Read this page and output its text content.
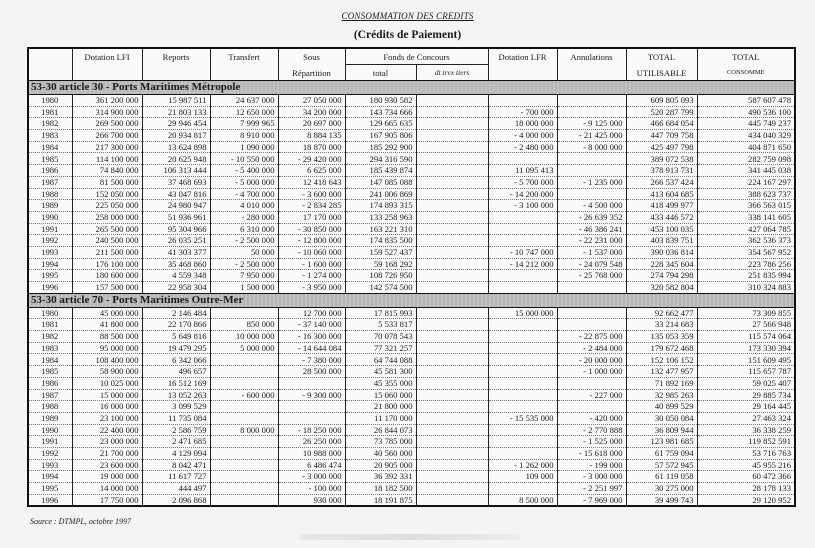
CONSOMMATION DES CREDITS
(Crédits de Paiement)
	Dotation LFI	Reports	Transfert	Sous	Fonds de Concours		Dotation LFR	Annulations	TOTAL	TOTAL
				Répartition	total	dt trvx tiers			UTILISABLE	CONSOMME
53-30 article 30 - Ports Maritimes Métropole										
1980	361 200 000	15 987 511	24 637 000	27 050 000	180 930 582				609 805 093	587 607 478
1981	314 900 000	21 803 133	12 650 000	34 200 000	143 734 666		- 700 000		520 287 799	490 536 100
1982	269 500 000	29 946 454	7 999 965	20 697 000	129 665 635		18 000 000	- 9 125 000	466 684 054	445 749 237
1983	266 700 000	20 934 817	8 910 000	8 884 135	167 905 806		- 4 000 000	- 21 425 000	447 709 758	434 040 329
1984	217 300 000	13 624 898	1 090 000	18 870 000	185 292 900		- 2 480 000	- 8 000 000	425 497 798	404 871 650
1985	114 100 000	20 625 948	- 10 550 000	- 29 420 000	294 316 590				389 072 538	282 759 098
1986	74 840 000	106 313 444	- 5 400 000	6 625 000	185 439 874		11 095 413		378 913 731	341 445 038
1987	81 500 000	37 468 693	- 5 000 000	12 418 643	147 085 088		- 5 700 000	- 1 235 000	266 537 424	224 167 297
1988	152 050 000	43 047 816	- 4 700 000	- 3 600 000	241 006 869		- 14 200 000		413 604 685	388 623 737
1989	225 050 000	24 980 947	4 010 000	- 2 834 285	174 893 315		- 3 100 000	- 4 500 000	418 499 977	366 563 015
1990	258 000 000	51 936 961	- 280 000	17 170 000	133 258 963			- 26 639 352	433 446 572	338 141 605
1991	265 500 000	95 304 966	6 310 000	- 30 850 000	163 221 310			- 46 386 241	453 100 035	427 064 785
1992	240 500 000	26 035 251	- 2 500 000	- 12 800 000	174 835 500			- 22 231 000	403 839 751	362 536 373
1993	211 500 000	41 303 377	50 000	- 10 060 000	159 527 437		- 10 747 000	- 1 537 000	390 036 814	354 567 952
1994	176 100 000	35 468 860	- 2 500 000	- 1 600 000	59 168 292		- 14 212 000	- 24 079 548	228 345 604	223 786 256
1995	180 600 000	4 559 348	7 950 000	- 1 274 000	108 726 950			- 25 768 000	274 794 298	251 835 994
1996	157 500 000	22 958 304	1 500 000	- 3 950 000	142 574 500				320 582 804	310 324 883
53-30 article 70 - Ports Maritimes Outre-Mer										
1980	45 000 000	2 146 484		12 700 000	17 815 993		15 000 000		92 662 477	73 309 855
1981	41 800 000	22 170 866	850 000	- 37 140 000	5 533 817				33 214 683	27 566 948
1982	88 500 000	5 649 816	10 000 000	- 16 300 000	70 078 543			- 22 875 000	135 053 359	115 574 064
1983	95 000 000	19 479 295	5 000 000	- 14 644 084	77 321 257			- 2 484 000	179 672 468	173 330 394
1984	108 400 000	6 342 066		- 7 380 000	64 744 088			- 20 000 000	152 106 152	151 609 495
1985	58 900 000	496 657		28 500 000	45 581 300			- 1 000 000	132 477 957	115 657 787
1986	10 025 000	16 512 169			45 355 000				71 892 169	59 025 407
1987	15 000 000	13 052 263	- 600 000	- 9 300 000	15 060 000			- 227 000	32 985 263	29 885 734
1988	16 000 000	3 099 529			21 800 000				40 899 529	29 164 445
1989	23 100 000	11 735 084			11 170 000		- 15 535 000	- 420 000	30 050 084	27 463 324
1990	22 400 000	2 586 759	8 000 000	- 18 250 000	26 844 073			- 2 770 888	36 809 944	36 338 259
1991	23 000 000	2 471 685		26 250 000	73 785 000			- 1 525 000	123 981 685	119 852 591
1992	21 700 000	4 129 094		10 988 000	40 560 000			- 15 618 000	61 759 094	53 716 763
1993	23 600 000	8 042 471		6 486 474	20 905 000		- 1 262 000	- 199 000	57 572 945	45 955 216
1994	19 000 000	11 617 727		- 3 000 000	36 392 331		109 000	- 3 000 000	61 119 058	60 472 366
1995	14 000 000	444 497		- 100 000	18 182 500			- 2 251 997	30 275 000	28 178 133
1996	17 750 000	2 096 868		930 000	18 191 875		8 500 000	- 7 969 000	39 499 743	29 120 952
Source : DTMPL, octobre 1997
